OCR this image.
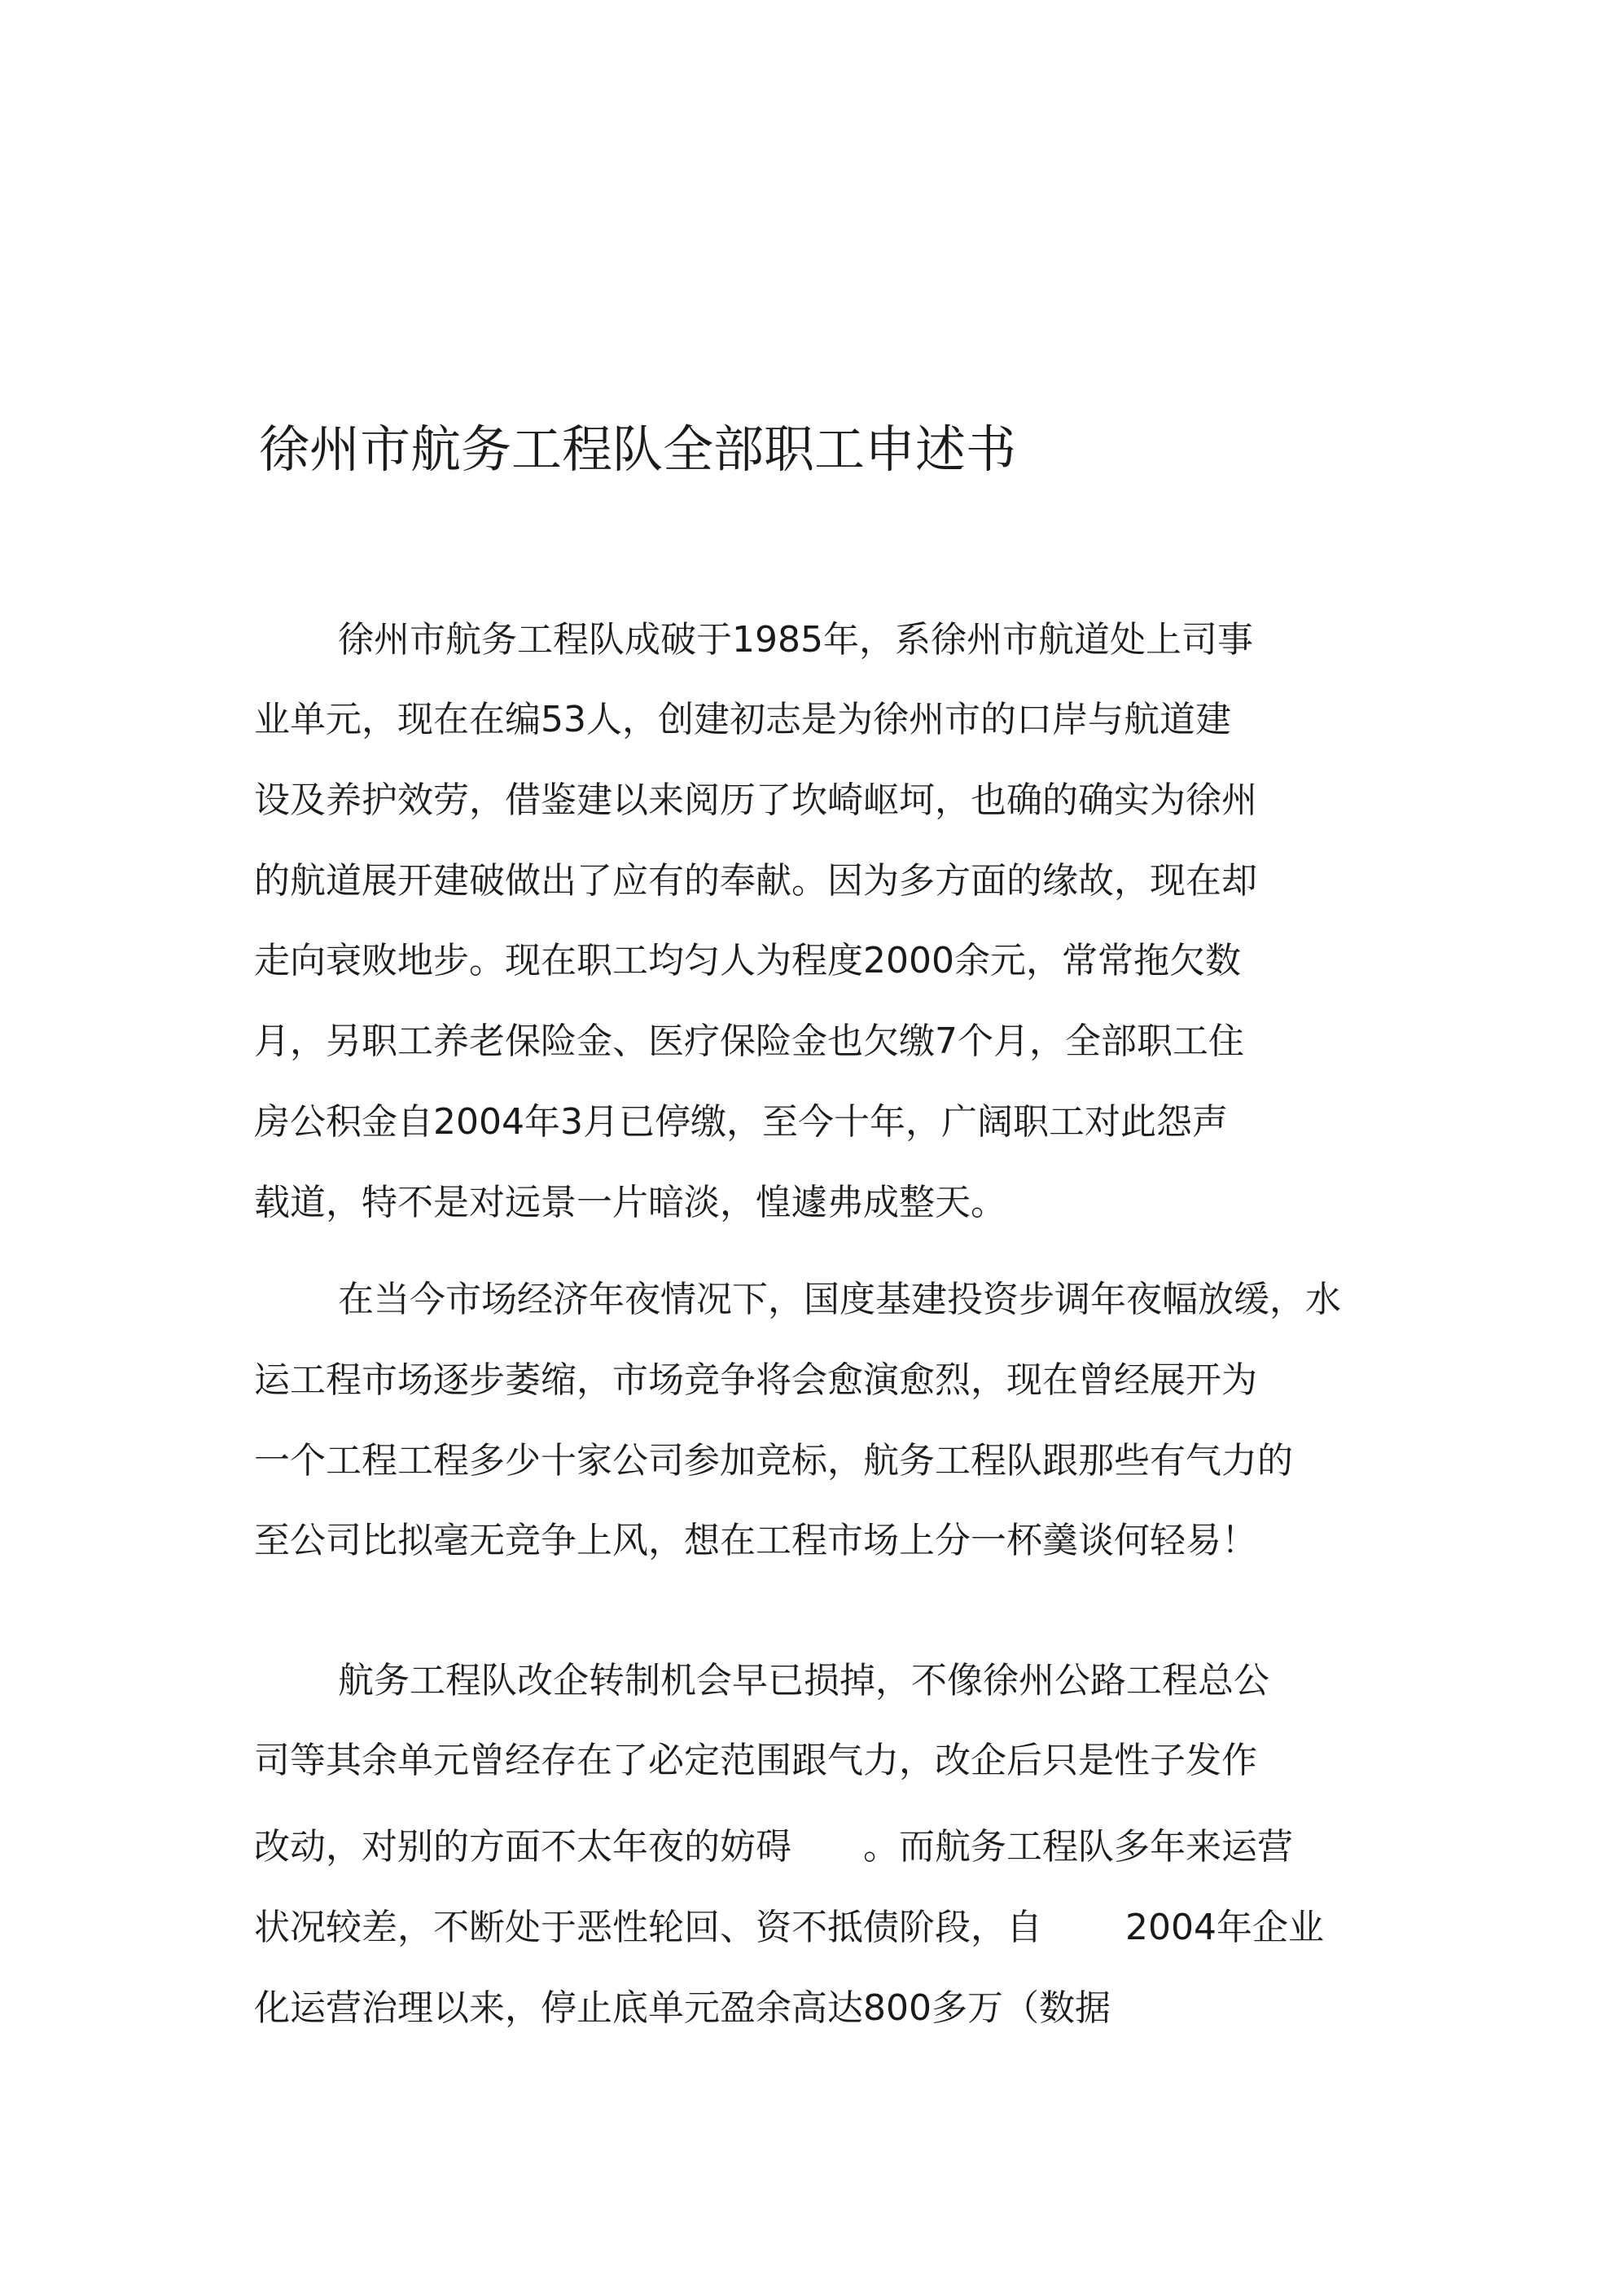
徐州市航务工程队全部职工申述书

徐州市航务工程队成破于1985年，系徐州市航道处上司事

业单元，现在在编53人，创建初志是为徐州市的口岸与航道建

设及养护效劳，借鉴建以来阅历了坎崎岖坷，也确的确实为徐州

的航道展开建破做出了应有的奉献。因为多方面的缘故，现在却

走向衰败地步。现在职工均匀人为程度2000余元，常常拖欠数

月，另职工养老保险金、医疗保险金也欠缴7个月，全部职工住

房公积金自2004年3月已停缴，至今十年，广阔职工对此怨声

载道，特不是对远景一片暗淡，惶遽弗成整天。

在当今市场经济年夜情况下，国度基建投资步调年夜幅放缓，水

运工程市场逐步萎缩，市场竞争将会愈演愈烈，现在曾经展开为

一个工程工程多少十家公司参加竞标，航务工程队跟那些有气力的

至公司比拟毫无竞争上风，想在工程市场上分一杯羹谈何轻易！

航务工程队改企转制机会早已损掉，不像徐州公路工程总公

司等其余单元曾经存在了必定范围跟气力，改企后只是性子发作

改动，对别的方面不太年夜的妨碍　　。而航务工程队多年来运营

状况较差，不断处于恶性轮回、资不抵债阶段，自　　 2004年企业

化运营治理以来，停止底单元盈余高达800多万（数据
